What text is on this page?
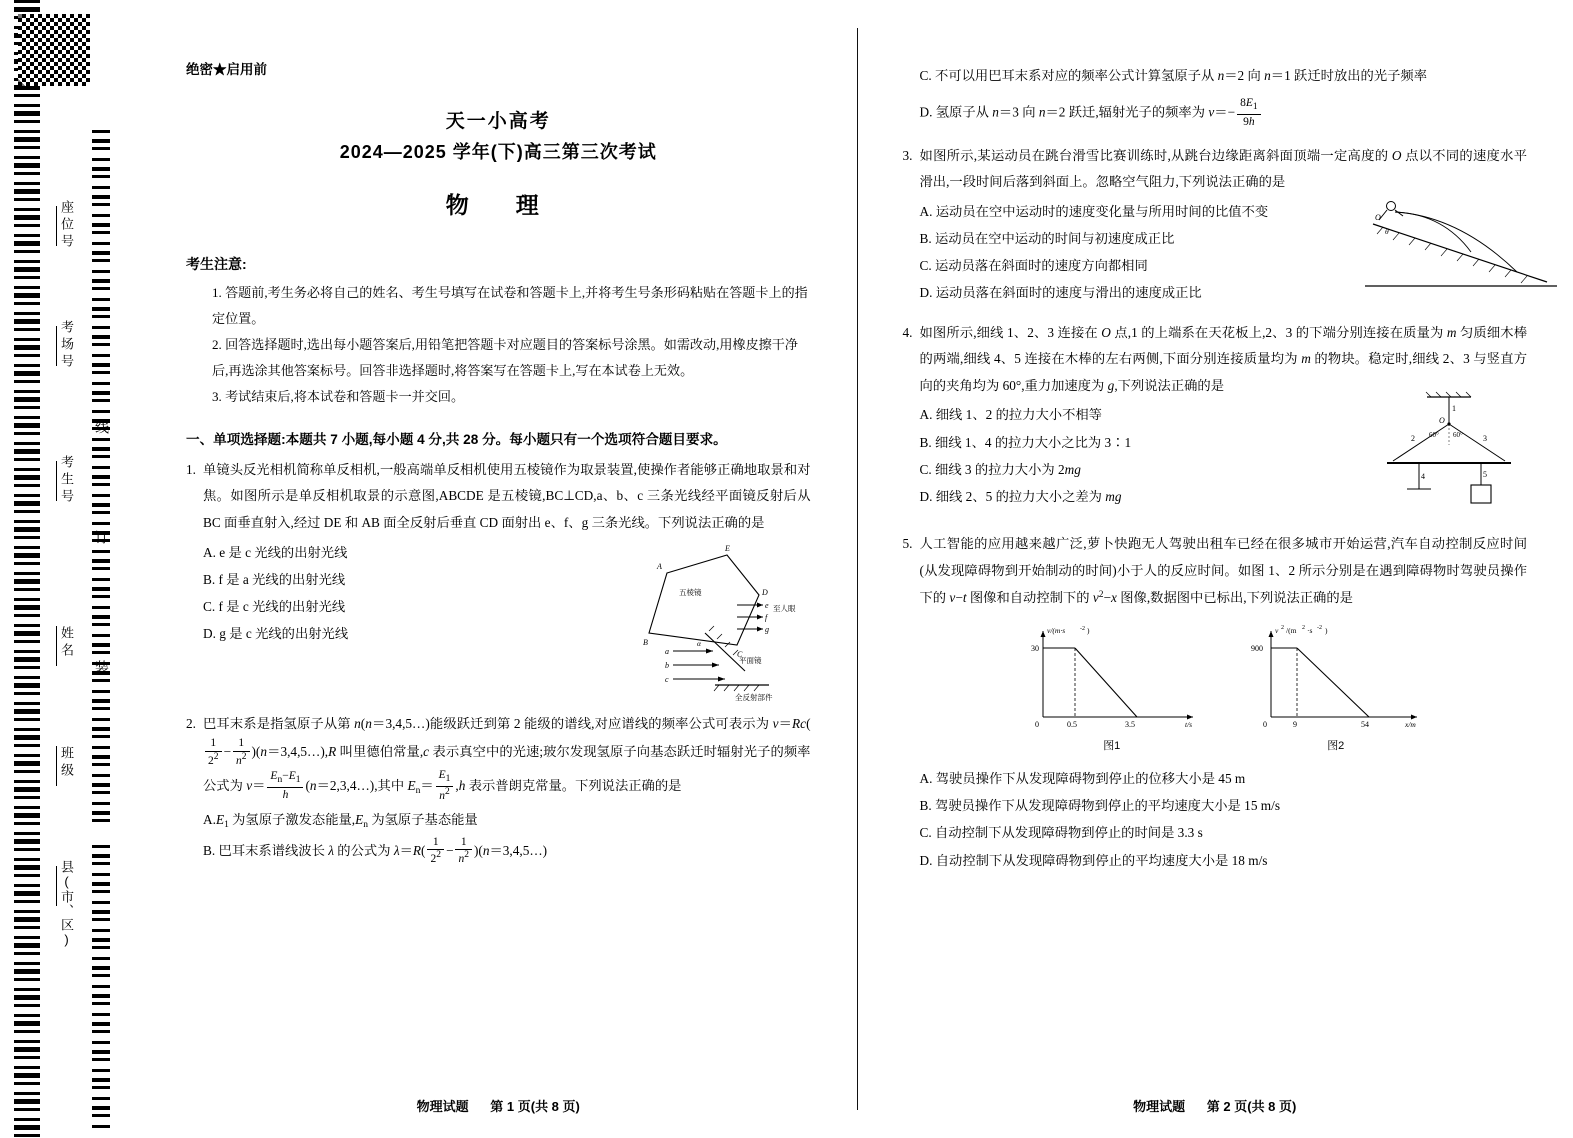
座位号
考场号
考生号
姓名
班级
县(市、区)
线
订
装
绝密★启用前
天一小高考
2024—2025 学年(下)高三第三次考试
物　理
考生注意:
1. 答题前,考生务必将自己的姓名、考生号填写在试卷和答题卡上,并将考生号条形码粘贴在答题卡上的指定位置。
2. 回答选择题时,选出每小题答案后,用铅笔把答题卡对应题目的答案标号涂黑。如需改动,用橡皮擦干净后,再选涂其他答案标号。回答非选择题时,将答案写在答题卡上,写在本试卷上无效。
3. 考试结束后,将本试卷和答题卡一并交回。
一、单项选择题:本题共 7 小题,每小题 4 分,共 28 分。每小题只有一个选项符合题目要求。
1. 单镜头反光相机简称单反相机,一般高端单反相机使用五棱镜作为取景装置,使操作者能够正确地取景和对焦。如图所示是单反相机取景的示意图,ABCDE 是五棱镜,BC⊥CD,a、b、c 三条光线经平面镜反射后从 BC 面垂直射入,经过 DE 和 AB 面全反射后垂直 CD 面射出 e、f、g 三条光线。下列说法正确的是
A. e 是 c 光线的出射光线
B. f 是 a 光线的出射光线
C. f 是 c 光线的出射光线
D. g 是 c 光线的出射光线
A
E
D
B
C
五棱镜
e
f
g
至人眼
平面镜
a
b
c
α
全反射部件
2. 巴耳末系是指氢原子从第 n(n＝3,4,5…)能级跃迁到第 2 能级的谱线,对应谱线的频率公式可表示为 ν＝Rc(
$\frac{1}{2^2} - \frac{1}{n^2}$ )(n＝3,4,5…),R 叫里德伯常量,c 表示真空中的光速;玻尔发现氢原子向基态跃迁时辐射光子的频率公式为 $\nu= \frac{E_n-E_1}{h}$ (n＝2,3,4…),其中 $E_n= \frac{E_1}{n^2} ,h$ 表示普朗克常量。下列说法正确的是
$A.E_1$ 为氢原子激发态能量$,E_n$ 为氢原子基态能量
B. 巴耳末系谱线波长 λ 的公式为 $\lambda=R( \frac{1}{2^2} - \frac{1}{n^2}$ )(n＝3,4,5…)
物理试题 第 1 页(共 8 页)
C. 不可以用巴耳末系对应的频率公式计算氢原子从 n＝2 向 n＝1 跃迁时放出的光子频率
D. 氢原子从 n＝3 向 n＝2 跃迁,辐射光子的频率为 $\nu=- \frac{8E_1}{9h}$
3. 如图所示,某运动员在跳台滑雪比赛训练时,从跳台边缘距离斜面顶端一定高度的 O 点以不同的速度水平滑出,一段时间后落到斜面上。忽略空气阻力,下列说法正确的是
A. 运动员在空中运动时的速度变化量与所用时间的比值不变
B. 运动员在空中运动的时间与初速度成正比
C. 运动员落在斜面时的速度方向都相同
D. 运动员落在斜面时的速度与滑出的速度成正比
O
θ
4. 如图所示,细线 1、2、3 连接在 O 点,1 的上端系在天花板上,2、3 的下端分别连接在质量为 m 匀质细木棒的两端,细线 4、5 连接在木棒的左右两侧,下面分别连接质量均为 m 的物块。稳定时,细线 2、3 与竖直方向的夹角均为 60°,重力加速度为 g,下列说法正确的是
A. 细线 1、2 的拉力大小不相等
B. 细线 1、4 的拉力大小之比为 3∶1
C. 细线 3 的拉力大小为 2mg
D. 细线 2、5 的拉力大小之差为 mg
1
O
2	3
60° 60°
4	5
5. 人工智能的应用越来越广泛,萝卜快跑无人驾驶出租车已经在很多城市开始运营,汽车自动控制反应时间(从发现障碍物到开始制动的时间)小于人的反应时间。如图 1、2 所示分别是在遇到障碍物时驾驶员操作下的 v−t 图像和自动控制下的 $v^2-x$ 图像,数据图中已标出,下列说法正确的是
v/(m·s -2 )
t/s
30
0	0.5	3.5
图1
v 2 /(m 2 ·s -2 )
x/m
900
0	9	54
图2
A. 驾驶员操作下从发现障碍物到停止的位移大小是 45 m
B. 驾驶员操作下从发现障碍物到停止的平均速度大小是 15 m/s
C. 自动控制下从发现障碍物到停止的时间是 3.3 s
D. 自动控制下从发现障碍物到停止的平均速度大小是 18 m/s
物理试题 第 2 页(共 8 页)
